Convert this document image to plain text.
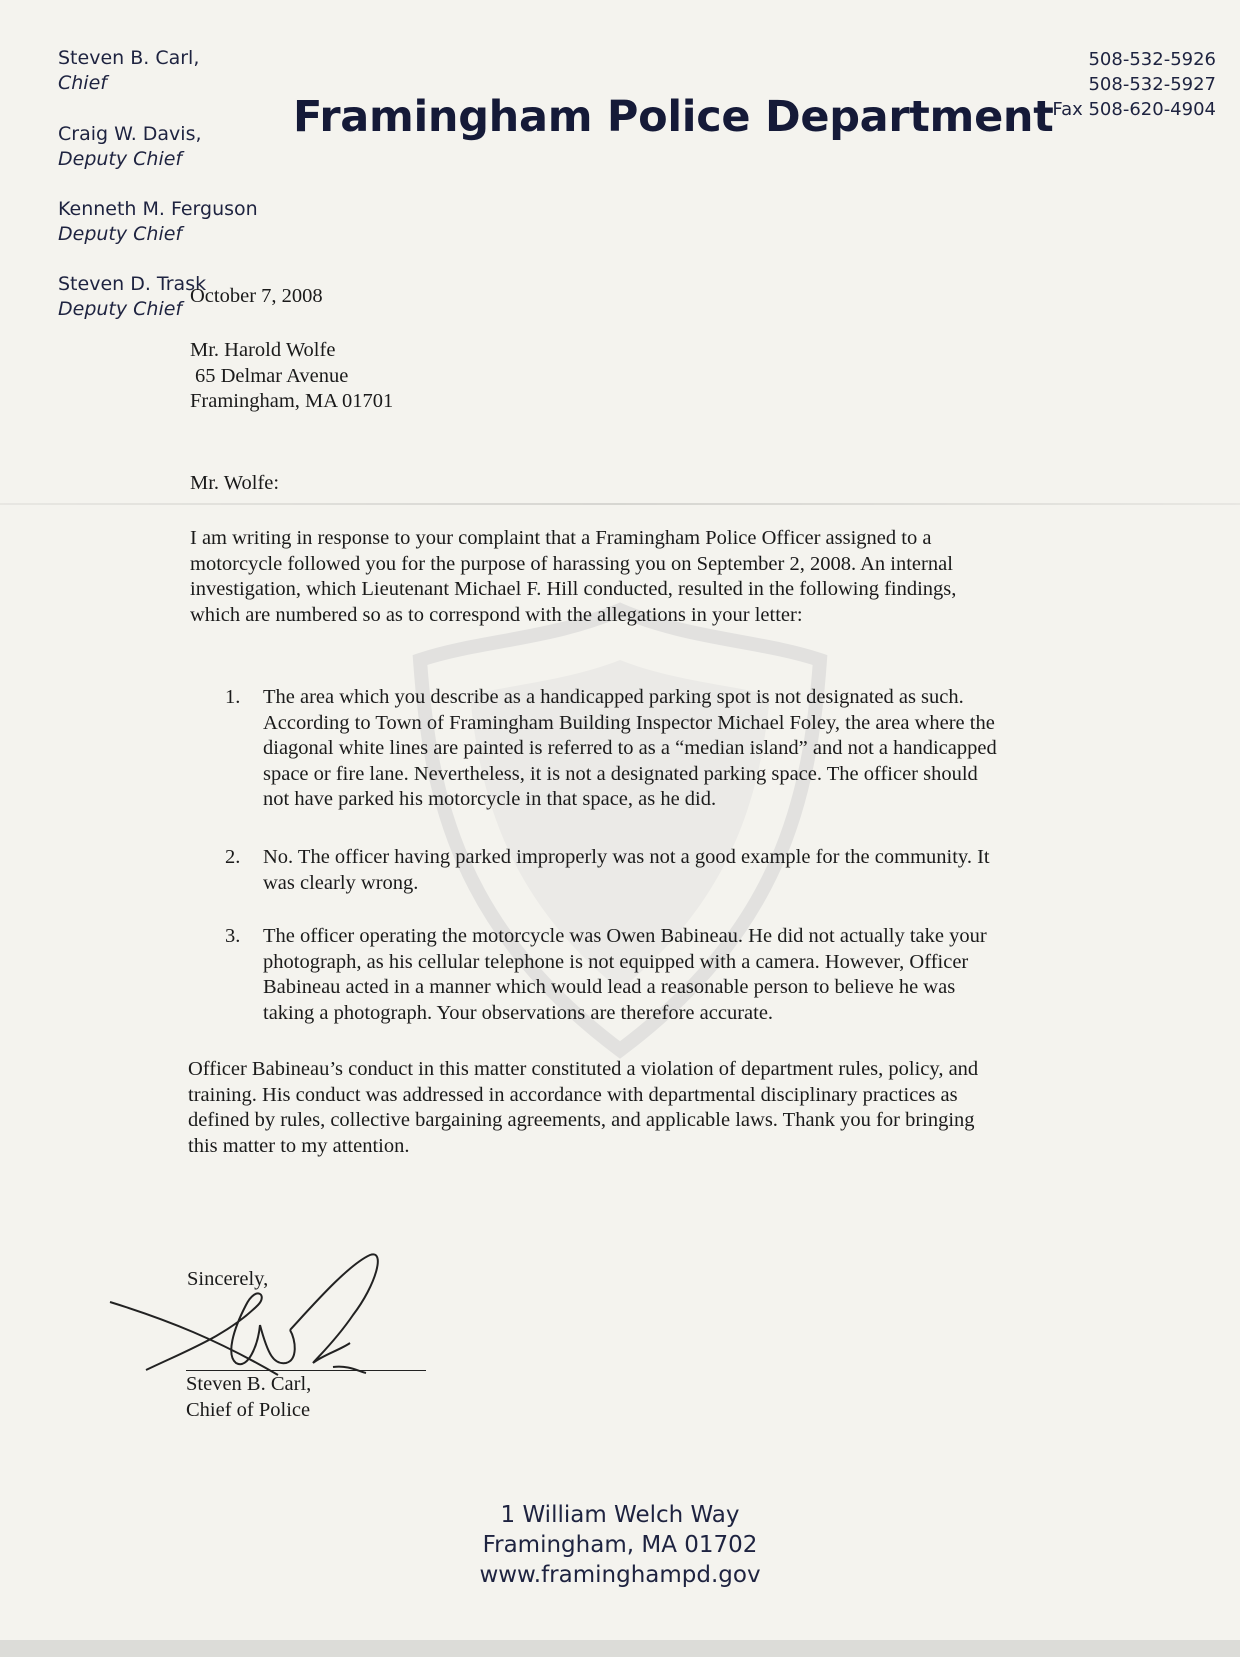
Steven B. Carl,
Chief
Craig W. Davis,
Deputy Chief
Kenneth M. Ferguson
Deputy Chief
Steven D. Trask
Deputy Chief
Framingham Police Department
508-532-5926
508-532-5927
Fax 508-620-4904
October 7, 2008
Mr. Harold Wolfe
65 Delmar Avenue
Framingham, MA 01701
Mr. Wolfe:
I am writing in response to your complaint that a Framingham Police Officer assigned to a
motorcycle followed you for the purpose of harassing you on September 2, 2008. An internal
investigation, which Lieutenant Michael F. Hill conducted, resulted in the following findings,
which are numbered so as to correspond with the allegations in your letter:
1.	The area which you describe as a handicapped parking spot is not designated as such.
According to Town of Framingham Building Inspector Michael Foley, the area where the
diagonal white lines are painted is referred to as a “median island” and not a handicapped
space or fire lane. Nevertheless, it is not a designated parking space. The officer should
not have parked his motorcycle in that space, as he did.
2.	No. The officer having parked improperly was not a good example for the community. It
was clearly wrong.
3.	The officer operating the motorcycle was Owen Babineau. He did not actually take your
photograph, as his cellular telephone is not equipped with a camera. However, Officer
Babineau acted in a manner which would lead a reasonable person to believe he was
taking a photograph. Your observations are therefore accurate.
Officer Babineau’s conduct in this matter constituted a violation of department rules, policy, and
training. His conduct was addressed in accordance with departmental disciplinary practices as
defined by rules, collective bargaining agreements, and applicable laws. Thank you for bringing
this matter to my attention.
Sincerely,
Steven B. Carl,
Chief of Police
1 William Welch Way
Framingham, MA 01702
www.framinghampd.gov
